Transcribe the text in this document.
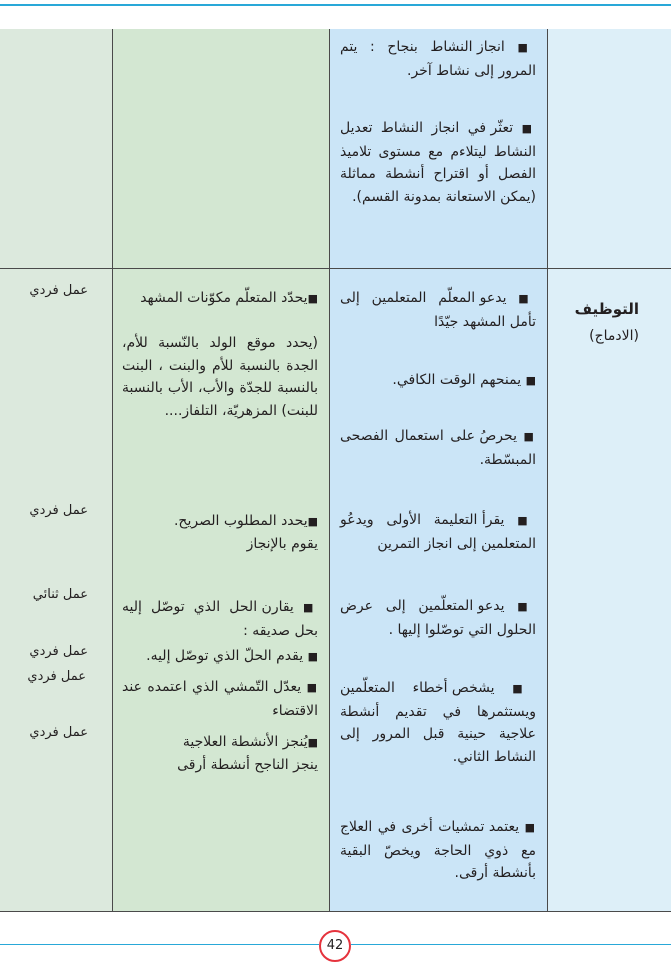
التوظيف

(الادماج)

■ انجاز النشاط بنجاح : يتم المرور إلى نشاط آخر.

■ تعثّر في انجاز النشاط تعديل النشاط ليتلاءم مع مستوى تلاميذ الفصل أو اقتراح أنشطة مماثلة (يمكن الاستعانة بمدونة القسم).

■ يدعو المعلّم المتعلمين إلى تأمل المشهد جيّدًا

■ يمنحهم الوقت الكافي.

■ يحرصُ على استعمال الفصحى المبسّطة.

■ يقرأ التعليمة الأولى ويدعُو المتعلمين إلى انجاز التمرين

■ يدعو المتعلّمين إلى عرض الحلول التي توصّلوا إليها .

■ يشخص أخطاء المتعلّمين ويستثمرها في تقديم أنشطة علاجية حينية قبل المرور إلى النشاط الثاني.

■ يعتمد تمشيات أخرى في العلاج مع ذوي الحاجة ويخصّ البقية بأنشطة أرقى.

■يحدّد المتعلّم مكوّنات المشهد

(يحدد موقع الولد بالنّسبة للأم، الجدة بالنسبة للأم والبنت ، البنت بالنسبة للجدّة والأب، الأب بالنسبة للبنت) المزهريّة، التلفاز....

■يحدد المطلوب الصريح.

يقوم بالإنجاز

■ يقارن الحل الذي توصّل إليه بحل صديقه :

■ يقدم الحلّ الذي توصّل إليه.

■ يعدّل التّمشي الذي اعتمده عند الاقتضاء

■يُنجز الأنشطة العلاجية

ينجز الناجح أنشطة أرقى

عمل فردي

عمل فردي

عمل ثنائي

عمل فردي

عمل فردي

عمل فردي

42
